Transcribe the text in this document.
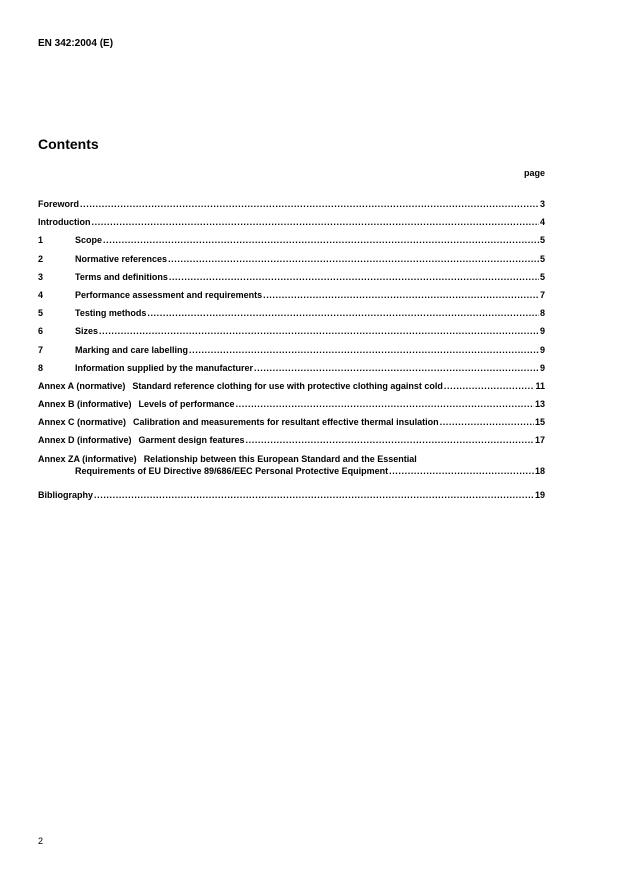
EN 342:2004 (E)
Contents
page
Foreword .....	3
Introduction .....	4
1	Scope .....	5
2	Normative references .....	5
3	Terms and definitions .....	5
4	Performance assessment and requirements .....	7
5	Testing methods .....	8
6	Sizes .....	9
7	Marking and care labelling .....	9
8	Information supplied by the manufacturer .....	9
Annex A (normative) Standard reference clothing for use with protective clothing against cold .....	11
Annex B (informative) Levels of performance .....	13
Annex C (normative) Calibration and measurements for resultant effective thermal insulation .....	15
Annex D (informative) Garment design features .....	17
Annex ZA (informative) Relationship between this European Standard and the Essential
Requirements of EU Directive 89/686/EEC Personal Protective Equipment .....	18
Bibliography .....	19
2
